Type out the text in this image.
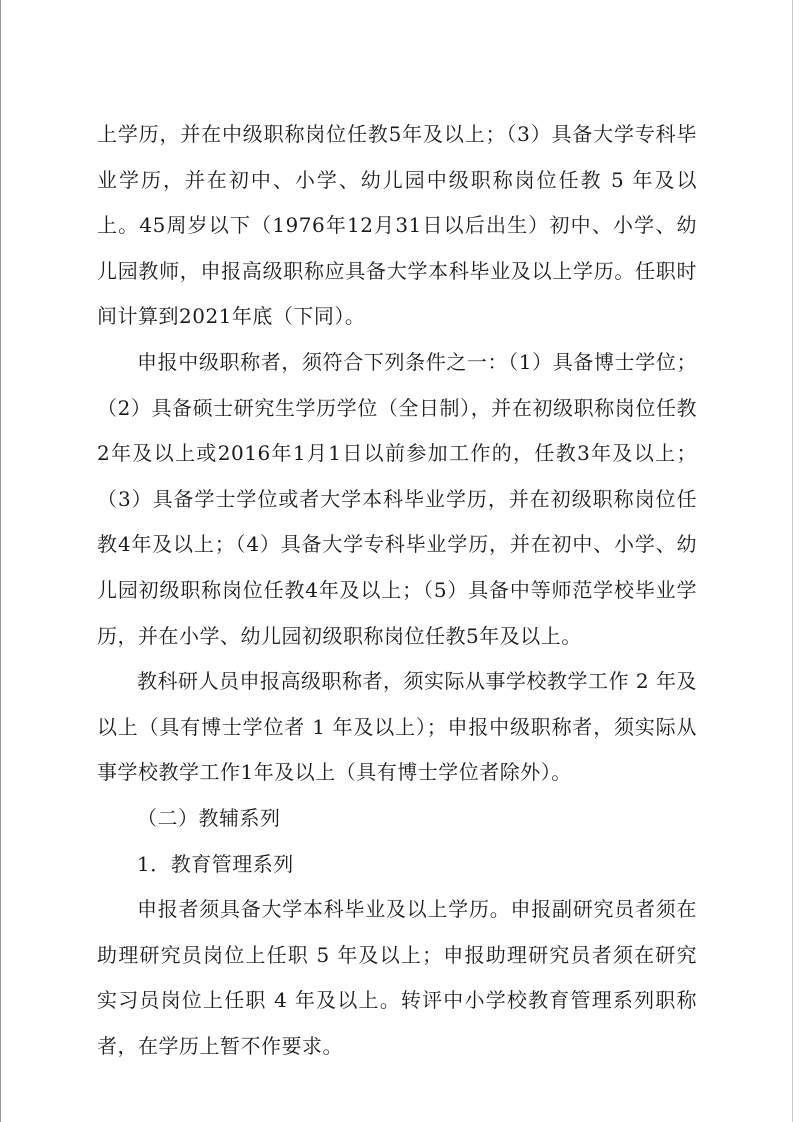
上学历，并在中级职称岗位任教5年及以上；（3）具备大学专科毕业学历，并在初中、小学、幼儿园中级职称岗位任教 5 年及以上。45周岁以下（1976年12月31日以后出生）初中、小学、幼儿园教师，申报高级职称应具备大学本科毕业及以上学历。任职时间计算到2021年底（下同）。

申报中级职称者，须符合下列条件之一：（1）具备博士学位；（2）具备硕士研究生学历学位（全日制），并在初级职称岗位任教2年及以上或2016年1月1日以前参加工作的，任教3年及以上；（3）具备学士学位或者大学本科毕业学历，并在初级职称岗位任教4年及以上；（4）具备大学专科毕业学历，并在初中、小学、幼儿园初级职称岗位任教4年及以上；（5）具备中等师范学校毕业学历，并在小学、幼儿园初级职称岗位任教5年及以上。

教科研人员申报高级职称者，须实际从事学校教学工作 2 年及以上（具有博士学位者 1 年及以上）；申报中级职称者，须实际从事学校教学工作1年及以上（具有博士学位者除外）。

（二）教辅系列

1．教育管理系列

申报者须具备大学本科毕业及以上学历。申报副研究员者须在助理研究员岗位上任职 5 年及以上；申报助理研究员者须在研究实习员岗位上任职 4 年及以上。转评中小学校教育管理系列职称者，在学历上暂不作要求。
